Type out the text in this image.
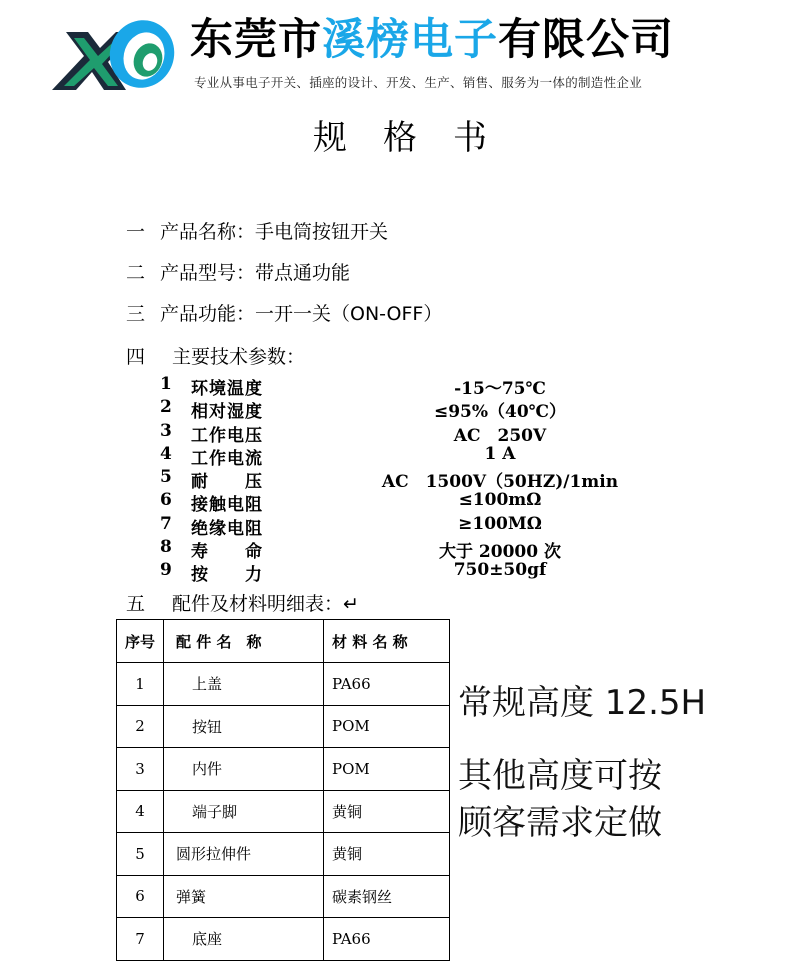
东莞市溪榜电子有限公司
专业从事电子开关、插座的设计、开发、生产、销售、服务为一体的制造性企业
规格书
一 产品名称：手电筒按钮开关
二 产品型号：带点通功能
三 产品功能：一开一关（ON-OFF）
四 主要技术参数：
1	环境温度	-15～75℃
2	相对湿度	≤95%（40℃）
3	工作电压	AC　250V
4	工作电流	1 A
5	耐　　压	AC　1500V（50HZ)/1min
6	接触电阻	≤100mΩ
7	绝缘电阻	≥100MΩ
8	寿　　命	大于 20000 次
9	按　　力	750±50gf
五 配件及材料明细表：↵
序号	配 件 名　称	材 料 名 称
1	上盖	PA66
2	按钮	POM
3	内件	POM
4	端子脚	黄铜
5	圆形拉伸件	黄铜
6	弹簧	碳素钢丝
7	底座	PA66
常规高度 12.5H
其他高度可按
顾客需求定做
